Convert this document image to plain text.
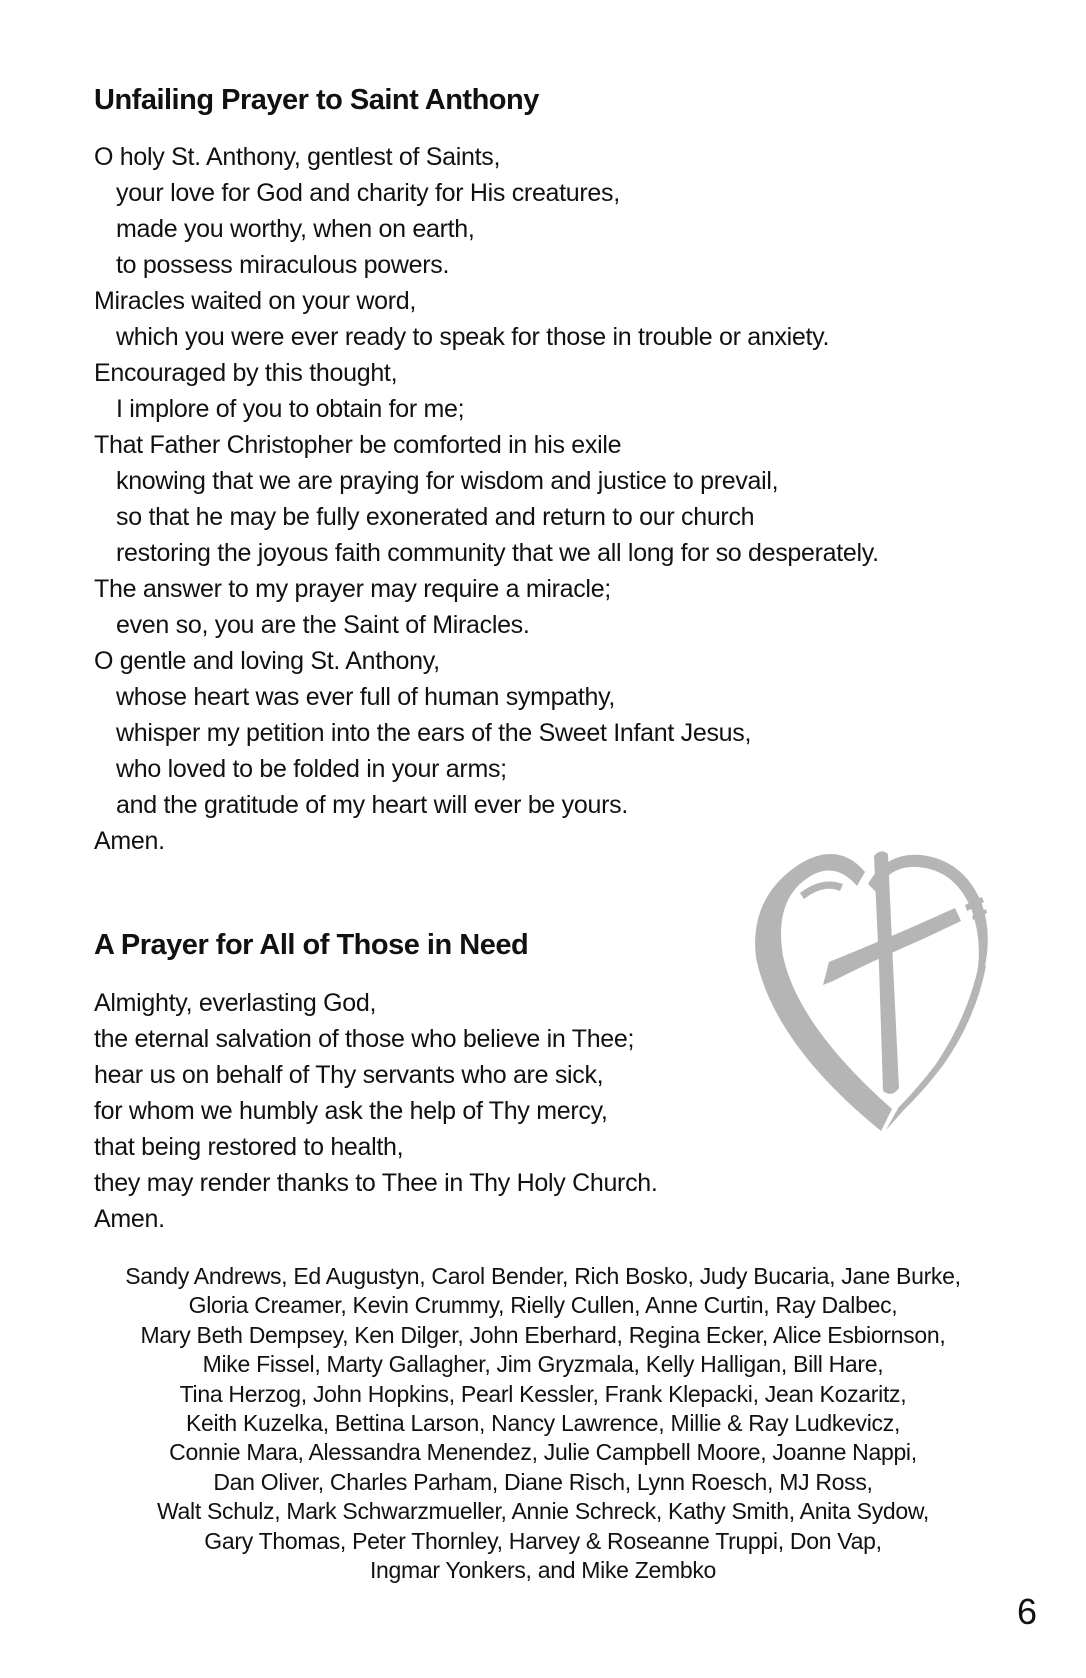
Unfailing Prayer to Saint Anthony
O holy St. Anthony, gentlest of Saints,
your love for God and charity for His creatures,
made you worthy, when on earth,
to possess miraculous powers.
Miracles waited on your word,
which you were ever ready to speak for those in trouble or anxiety.
Encouraged by this thought,
I implore of you to obtain for me;
That Father Christopher be comforted in his exile
knowing that we are praying for wisdom and justice to prevail,
so that he may be fully exonerated and return to our church
restoring the joyous faith community that we all long for so desperately.
The answer to my prayer may require a miracle;
even so, you are the Saint of Miracles.
O gentle and loving St. Anthony,
whose heart was ever full of human sympathy,
whisper my petition into the ears of the Sweet Infant Jesus,
who loved to be folded in your arms;
and the gratitude of my heart will ever be yours.
Amen.
A Prayer for All of Those in Need
Almighty, everlasting God,
the eternal salvation of those who believe in Thee;
hear us on behalf of Thy servants who are sick,
for whom we humbly ask the help of Thy mercy,
that being restored to health,
they may render thanks to Thee in Thy Holy Church.
Amen.
Sandy Andrews, Ed Augustyn, Carol Bender, Rich Bosko, Judy Bucaria, Jane Burke,
Gloria Creamer, Kevin Crummy, Rielly Cullen, Anne Curtin, Ray Dalbec,
Mary Beth Dempsey, Ken Dilger, John Eberhard, Regina Ecker, Alice Esbiornson,
Mike Fissel, Marty Gallagher, Jim Gryzmala, Kelly Halligan, Bill Hare,
Tina Herzog, John Hopkins, Pearl Kessler, Frank Klepacki, Jean Kozaritz,
Keith Kuzelka, Bettina Larson, Nancy Lawrence, Millie & Ray Ludkevicz,
Connie Mara, Alessandra Menendez, Julie Campbell Moore, Joanne Nappi,
Dan Oliver, Charles Parham, Diane Risch, Lynn Roesch, MJ Ross,
Walt Schulz, Mark Schwarzmueller, Annie Schreck, Kathy Smith, Anita Sydow,
Gary Thomas, Peter Thornley, Harvey & Roseanne Truppi, Don Vap,
Ingmar Yonkers, and Mike Zembko
6
